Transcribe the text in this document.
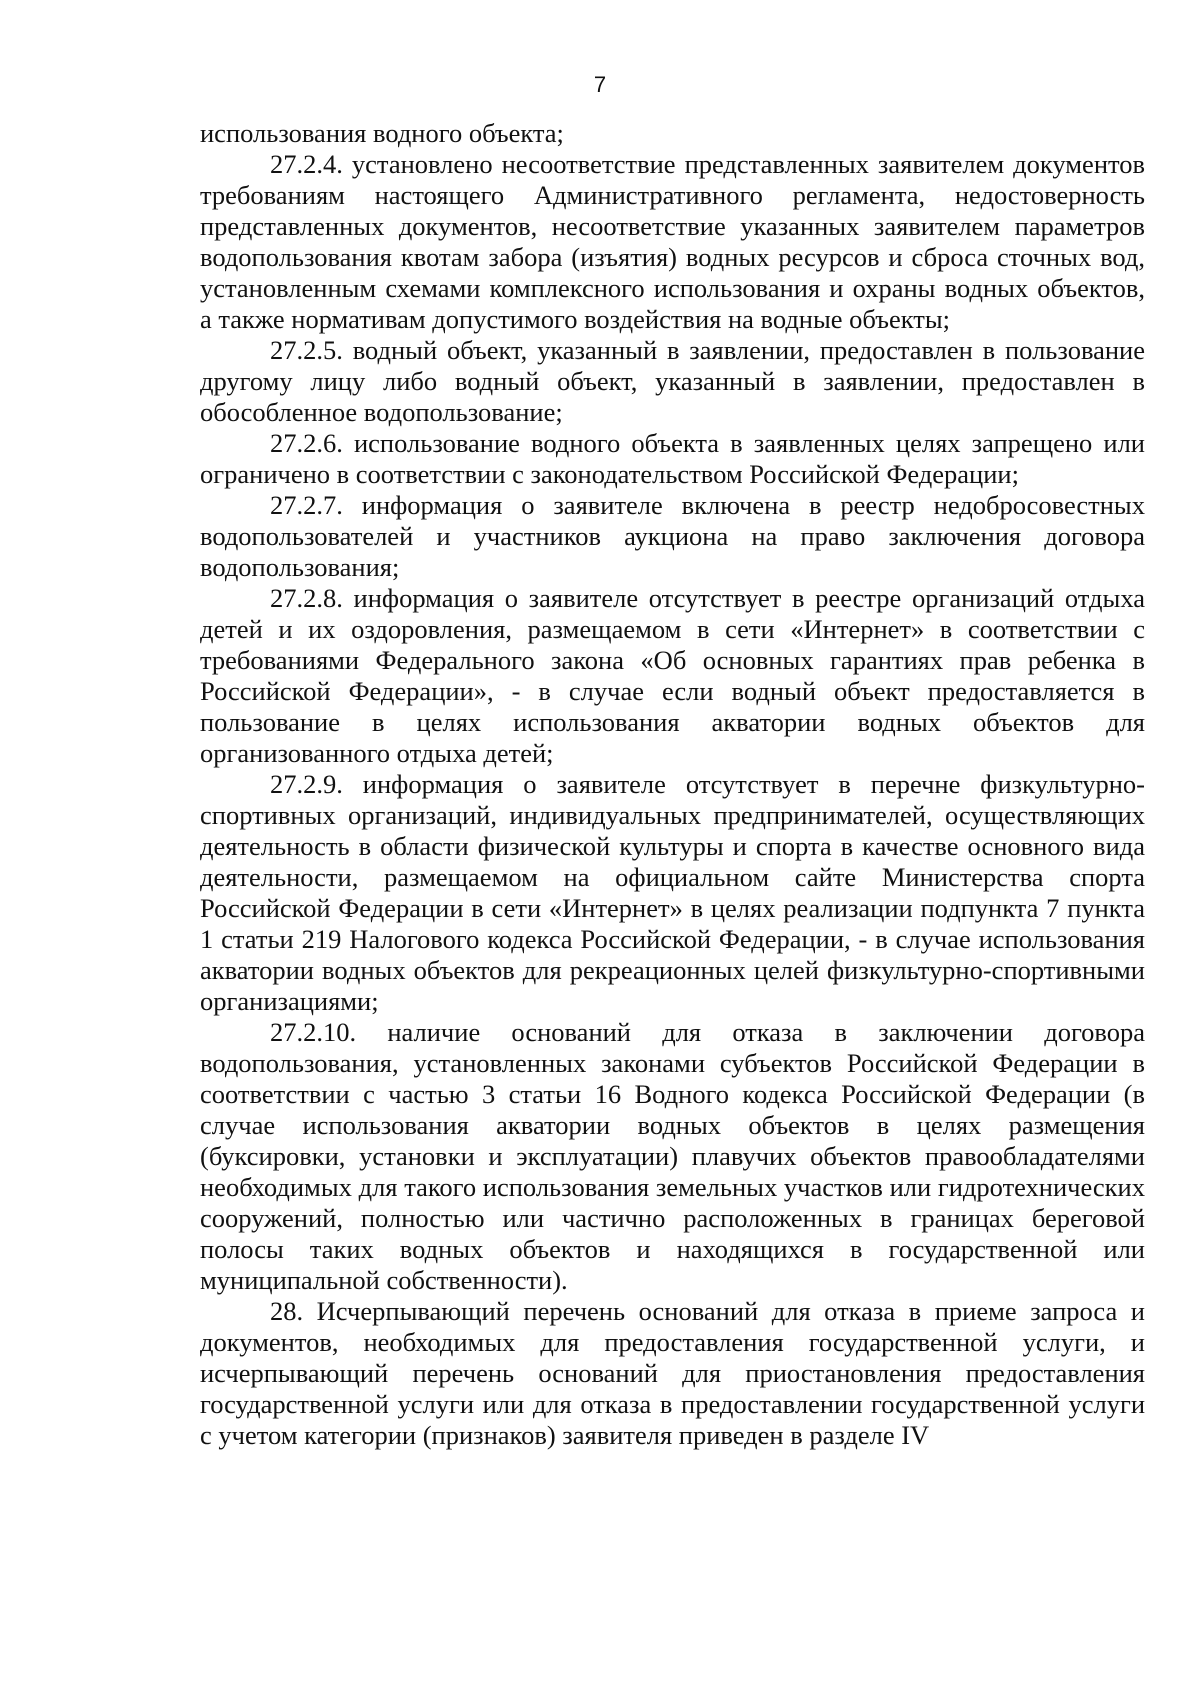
7

использования водного объекта;

27.2.4. установлено несоответствие представленных заявителем документов требованиям настоящего Административного регламента, недостоверность представленных документов, несоответствие указанных заявителем параметров водопользования квотам забора (изъятия) водных ресурсов и сброса сточных вод, установленным схемами комплексного использования и охраны водных объектов, а также нормативам допустимого воздействия на водные объекты;

27.2.5. водный объект, указанный в заявлении, предоставлен в пользование другому лицу либо водный объект, указанный в заявлении, предоставлен в обособленное водопользование;

27.2.6. использование водного объекта в заявленных целях запрещено или ограничено в соответствии с законодательством Российской Федерации;

27.2.7. информация о заявителе включена в реестр недобросовестных водопользователей и участников аукциона на право заключения договора водопользования;

27.2.8. информация о заявителе отсутствует в реестре организаций отдыха детей и их оздоровления, размещаемом в сети «Интернет» в соответствии с требованиями Федерального закона «Об основных гарантиях прав ребенка в Российской Федерации», - в случае если водный объект предоставляется в пользование в целях использования акватории водных объектов для организованного отдыха детей;

27.2.9. информация о заявителе отсутствует в перечне физкультурно-спортивных организаций, индивидуальных предпринимателей, осуществляющих деятельность в области физической культуры и спорта в качестве основного вида деятельности, размещаемом на официальном сайте Министерства спорта Российской Федерации в сети «Интернет» в целях реализации подпункта 7 пункта 1 статьи 219 Налогового кодекса Российской Федерации, - в случае использования акватории водных объектов для рекреационных целей физкультурно-спортивными организациями;

27.2.10. наличие оснований для отказа в заключении договора водопользования, установленных законами субъектов Российской Федерации в соответствии с частью 3 статьи 16 Водного кодекса Российской Федерации (в случае использования акватории водных объектов в целях размещения (буксировки, установки и эксплуатации) плавучих объектов правообладателями необходимых для такого использования земельных участков или гидротехнических сооружений, полностью или частично расположенных в границах береговой полосы таких водных объектов и находящихся в государственной или муниципальной собственности).

28. Исчерпывающий перечень оснований для отказа в приеме запроса и документов, необходимых для предоставления государственной услуги, и исчерпывающий перечень оснований для приостановления предоставления государственной услуги или для отказа в предоставлении государственной услуги с учетом категории (признаков) заявителя приведен в разделе IV
